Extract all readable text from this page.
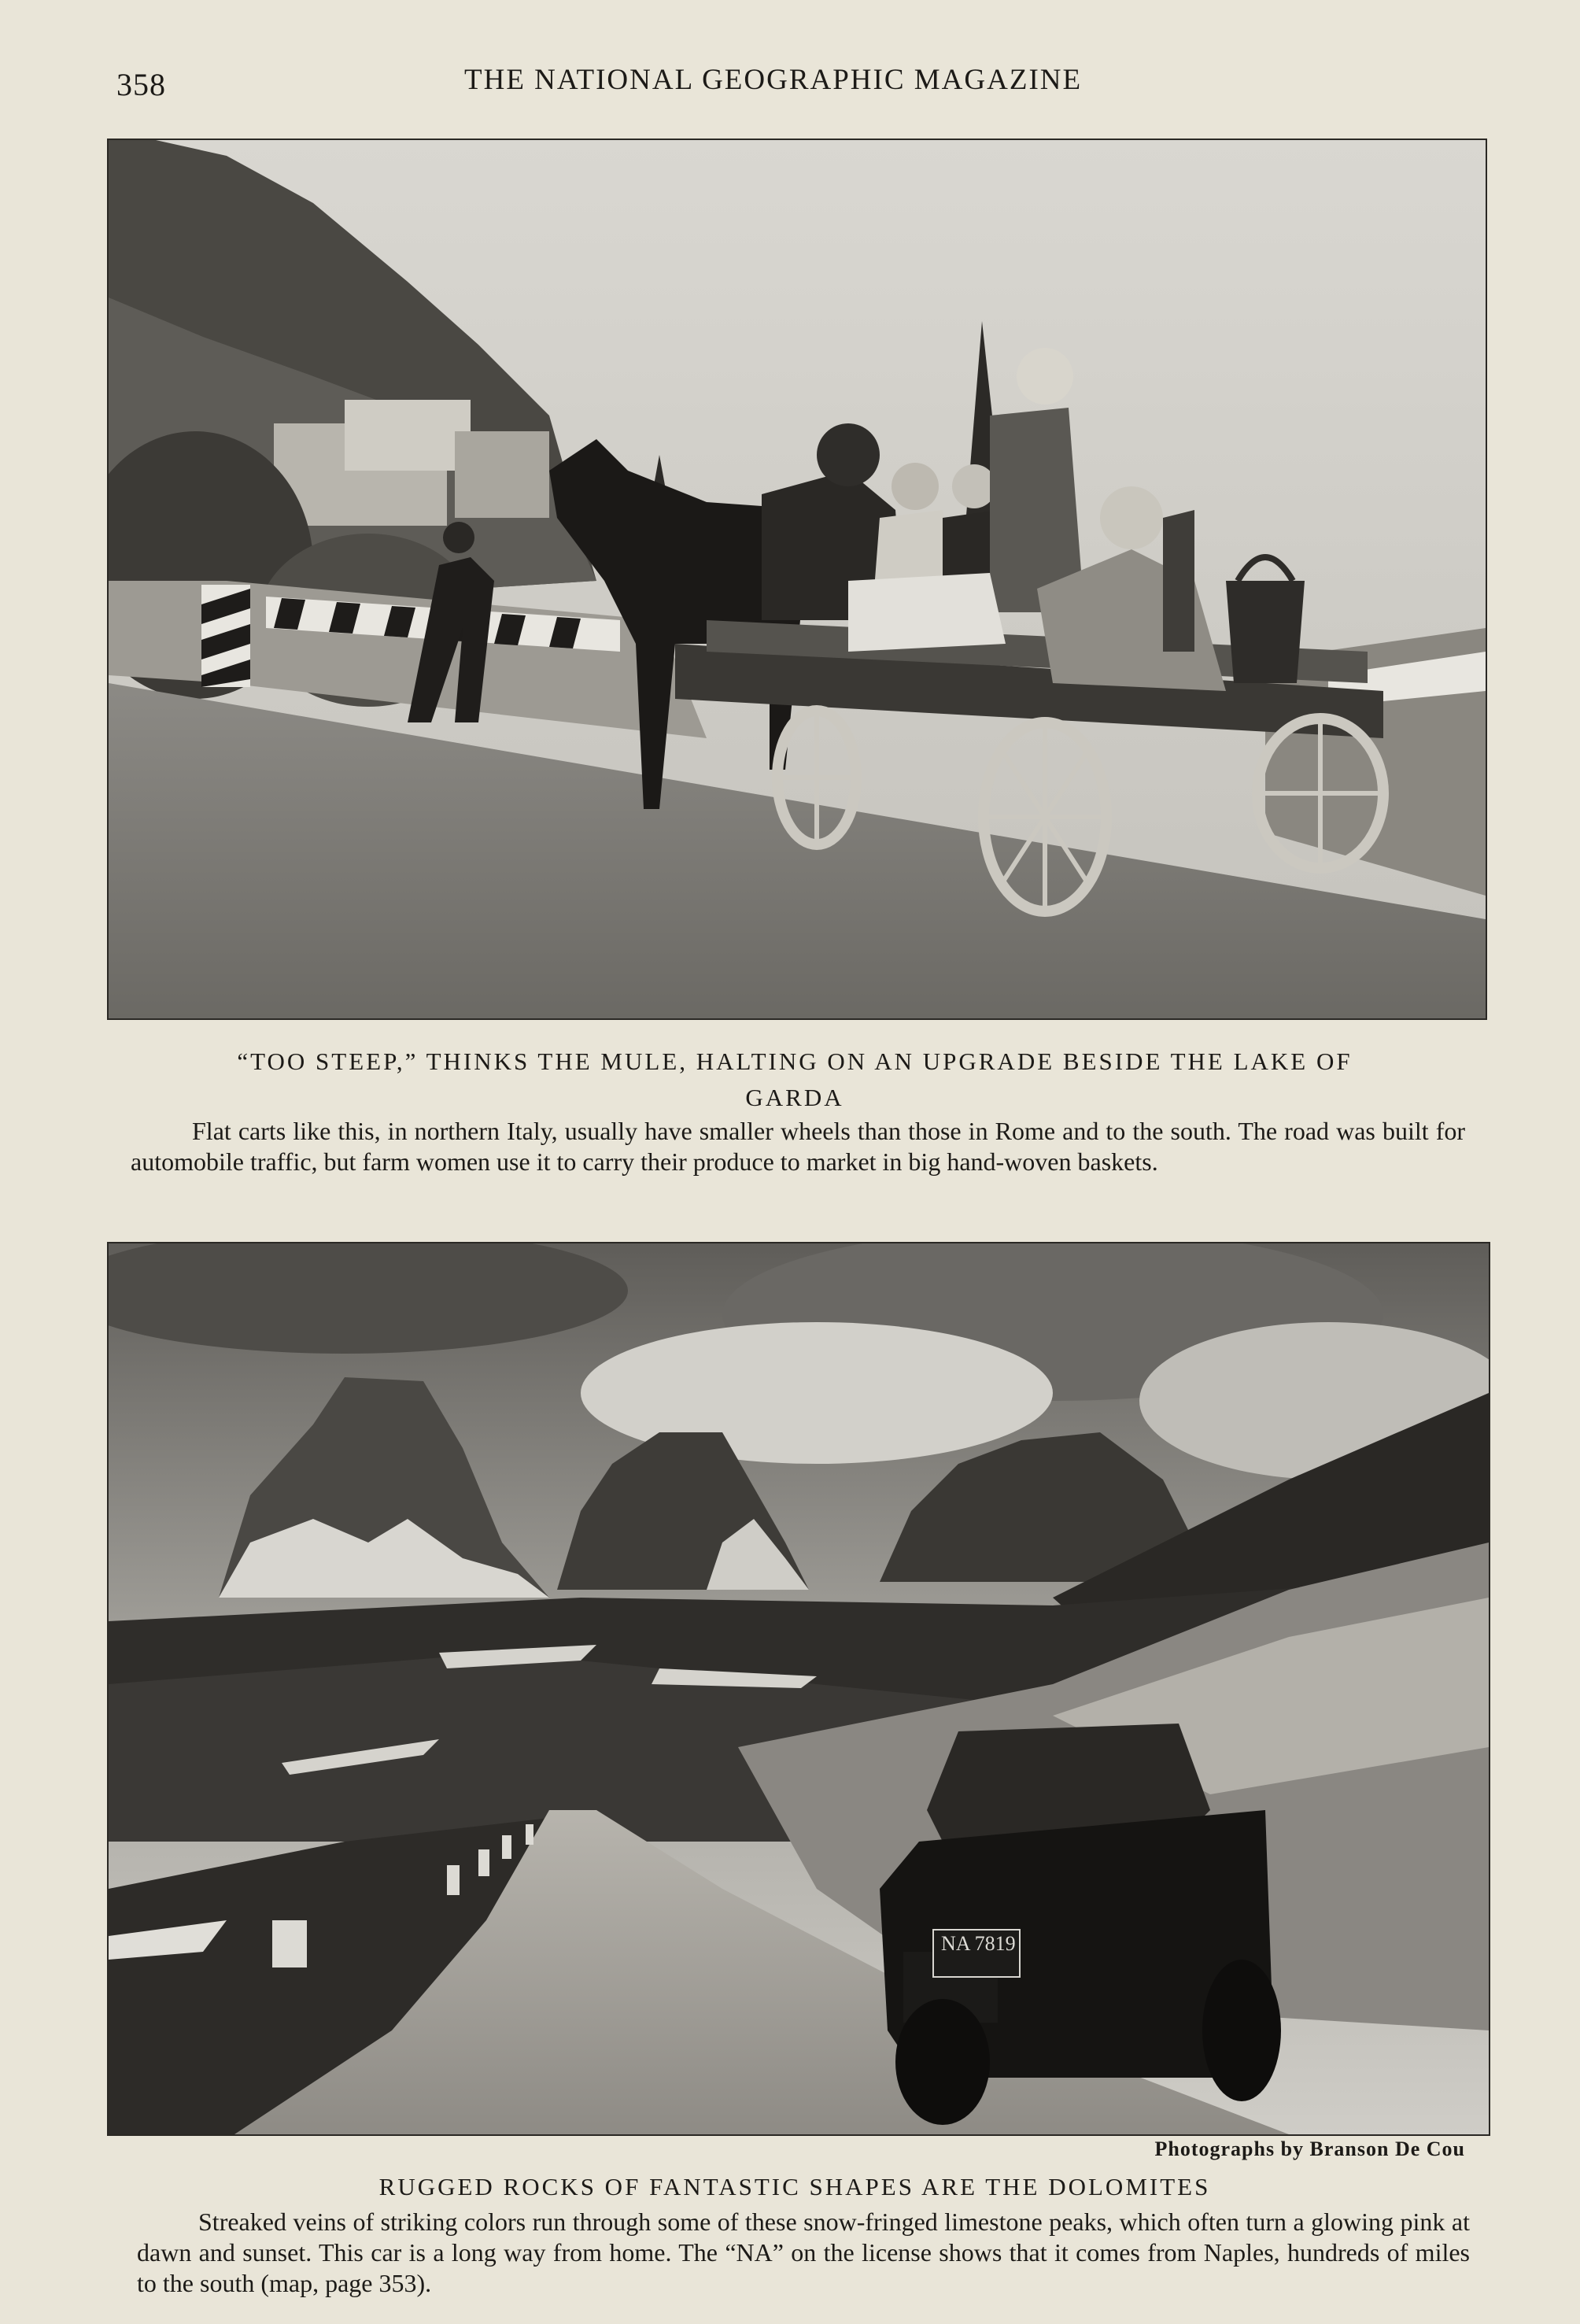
358	THE NATIONAL GEOGRAPHIC MAGAZINE
“TOO STEEP,” THINKS THE MULE, HALTING ON AN UPGRADE BESIDE THE LAKE OF GARDA
Flat carts like this, in northern Italy, usually have smaller wheels than those in Rome and to the south. The road was built for automobile traffic, but farm women use it to carry their produce to market in big hand-woven baskets.
NA 7819
Photographs by Branson De Cou
RUGGED ROCKS OF FANTASTIC SHAPES ARE THE DOLOMITES
Streaked veins of striking colors run through some of these snow-fringed limestone peaks, which often turn a glowing pink at dawn and sunset. This car is a long way from home. The “NA” on the license shows that it comes from Naples, hundreds of miles to the south (map, page 353).
